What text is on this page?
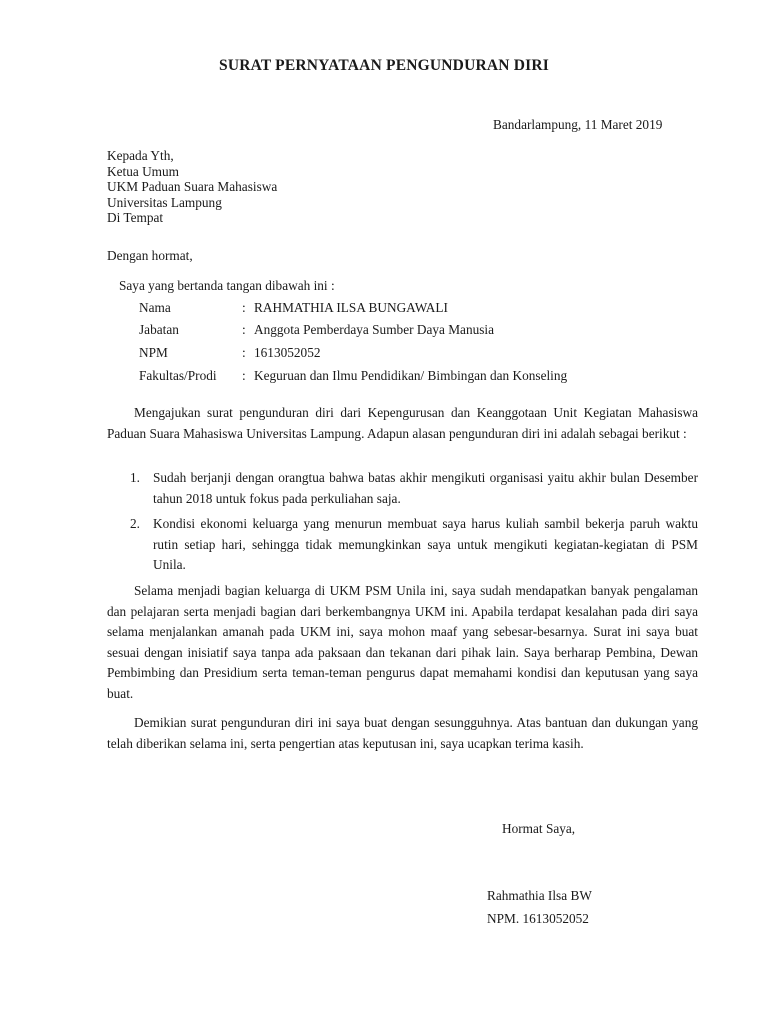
SURAT PERNYATAAN PENGUNDURAN DIRI
Bandarlampung, 11 Maret 2019
Kepada Yth,
Ketua Umum
UKM Paduan Suara Mahasiswa
Universitas Lampung
Di Tempat
Dengan hormat,
Saya yang bertanda tangan dibawah ini :
Nama	: RAHMATHIA ILSA BUNGAWALI
Jabatan	: Anggota Pemberdaya Sumber Daya Manusia
NPM	: 1613052052
Fakultas/Prodi : Keguruan dan Ilmu Pendidikan/ Bimbingan dan Konseling

Mengajukan surat pengunduran diri dari Kepengurusan dan Keanggotaan Unit Kegiatan Mahasiswa Paduan Suara Mahasiswa Universitas Lampung. Adapun alasan pengunduran diri ini adalah sebagai berikut :

1. Sudah berjanji dengan orangtua bahwa batas akhir mengikuti organisasi yaitu akhir bulan Desember tahun 2018 untuk fokus pada perkuliahan saja.
2. Kondisi ekonomi keluarga yang menurun membuat saya harus kuliah sambil bekerja paruh waktu rutin setiap hari, sehingga tidak memungkinkan saya untuk mengikuti kegiatan-kegiatan di PSM Unila.

Selama menjadi bagian keluarga di UKM PSM Unila ini, saya sudah mendapatkan banyak pengalaman dan pelajaran serta menjadi bagian dari berkembangnya UKM ini. Apabila terdapat kesalahan pada diri saya selama menjalankan amanah pada UKM ini, saya mohon maaf yang sebesar-besarnya. Surat ini saya buat sesuai dengan inisiatif saya tanpa ada paksaan dan tekanan dari pihak lain. Saya berharap Pembina, Dewan Pembimbing dan Presidium serta teman-teman pengurus dapat memahami kondisi dan keputusan yang saya buat.

Demikian surat pengunduran diri ini saya buat dengan sesungguhnya. Atas bantuan dan dukungan yang telah diberikan selama ini, serta pengertian atas keputusan ini, saya ucapkan terima kasih.

Hormat Saya,
Rahmathia Ilsa BW
NPM. 1613052052
